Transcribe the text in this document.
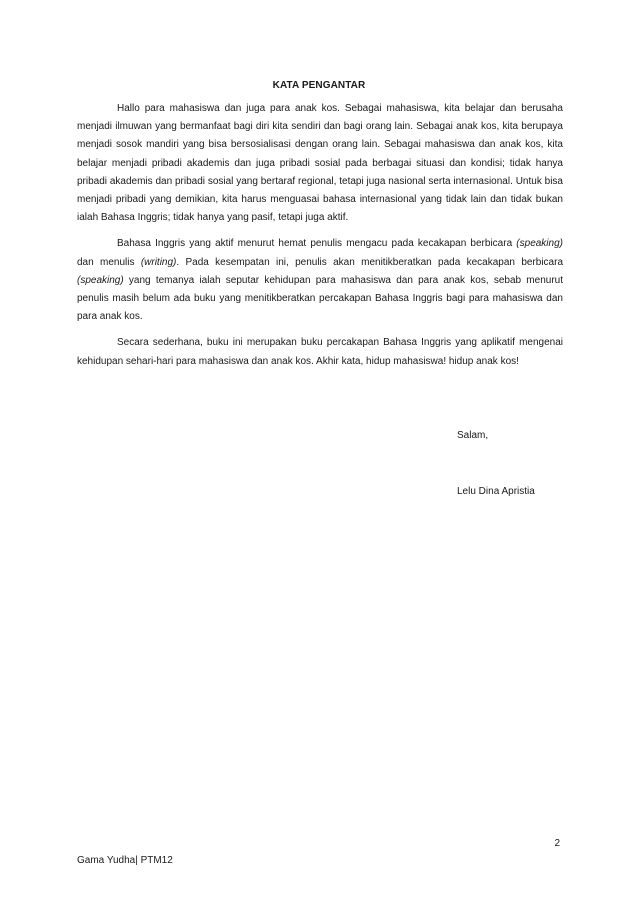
KATA PENGANTAR

Hallo para mahasiswa dan juga para anak kos. Sebagai mahasiswa, kita belajar dan berusaha menjadi ilmuwan yang bermanfaat bagi diri kita sendiri dan bagi orang lain. Sebagai anak kos, kita berupaya menjadi sosok mandiri yang bisa bersosialisasi dengan orang lain. Sebagai mahasiswa dan anak kos, kita belajar menjadi pribadi akademis dan juga pribadi sosial pada berbagai situasi dan kondisi; tidak hanya pribadi akademis dan pribadi sosial yang bertaraf regional, tetapi juga nasional serta internasional. Untuk bisa menjadi pribadi yang demikian, kita harus menguasai bahasa internasional yang tidak lain dan tidak bukan ialah Bahasa Inggris; tidak hanya yang pasif, tetapi juga aktif.

Bahasa Inggris yang aktif menurut hemat penulis mengacu pada kecakapan berbicara (speaking) dan menulis (writing). Pada kesempatan ini, penulis akan menitikberatkan pada kecakapan berbicara (speaking) yang temanya ialah seputar kehidupan para mahasiswa dan para anak kos, sebab menurut penulis masih belum ada buku yang menitikberatkan percakapan Bahasa Inggris bagi para mahasiswa dan para anak kos.

Secara sederhana, buku ini merupakan buku percakapan Bahasa Inggris yang aplikatif mengenai kehidupan sehari-hari para mahasiswa dan anak kos. Akhir kata, hidup mahasiswa! hidup anak kos!

Salam,
Lelu Dina Apristia
2
Gama Yudha| PTM12
